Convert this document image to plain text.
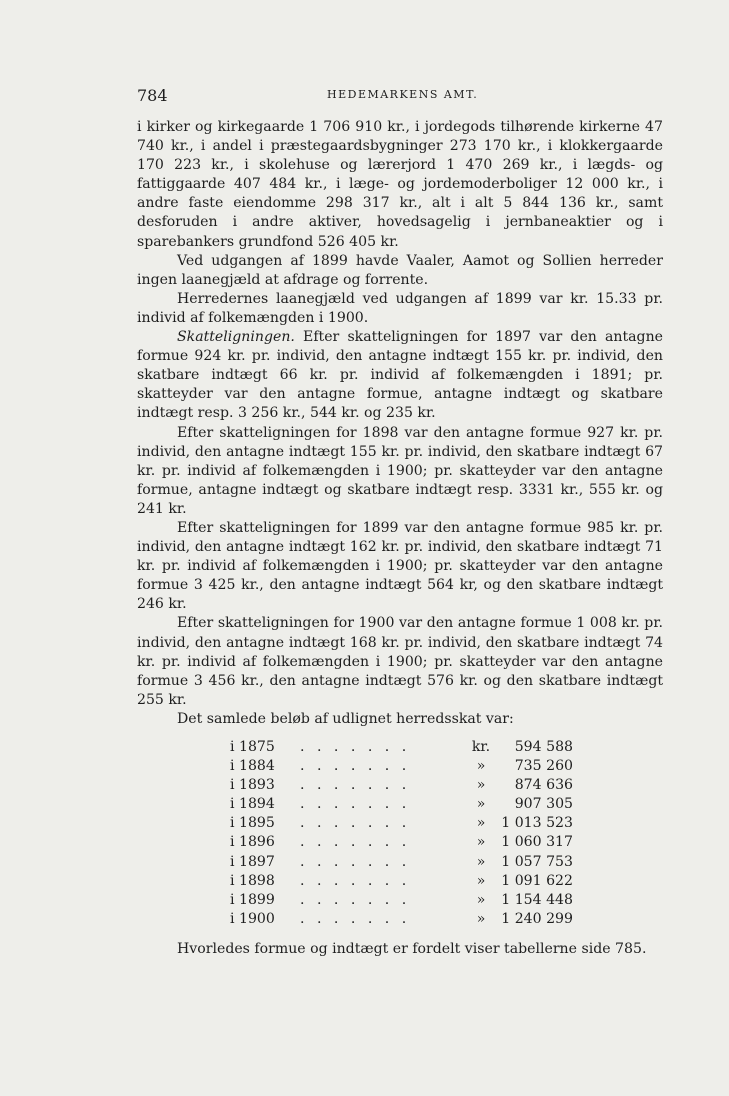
784	HEDEMARKENS AMT.

i kirker og kirkegaarde 1 706 910 kr., i jordegods tilhørende kirkerne 47 740 kr., i andel i præstegaardsbygninger 273 170 kr., i klokkergaarde 170 223 kr., i skolehuse og lærerjord 1 470 269 kr., i lægds- og fattiggaarde 407 484 kr., i læge- og jordemoderboliger 12 000 kr., i andre faste eiendomme 298 317 kr., alt i alt 5 844 136 kr., samt desforuden i andre aktiver, hovedsagelig i jernbaneaktier og i sparebankers grundfond 526 405 kr.

Ved udgangen af 1899 havde Vaaler, Aamot og Sollien herreder ingen laanegjæld at afdrage og forrente.

Herredernes laanegjæld ved udgangen af 1899 var kr. 15.33 pr. individ af folkemængden i 1900.

Skatteligningen. Efter skatteligningen for 1897 var den antagne formue 924 kr. pr. individ, den antagne indtægt 155 kr. pr. individ, den skatbare indtægt 66 kr. pr. individ af folkemængden i 1891; pr. skatteyder var den antagne formue, antagne indtægt og skatbare indtægt resp. 3 256 kr., 544 kr. og 235 kr.

Efter skatteligningen for 1898 var den antagne formue 927 kr. pr. individ, den antagne indtægt 155 kr. pr. individ, den skatbare indtægt 67 kr. pr. individ af folkemængden i 1900; pr. skatteyder var den antagne formue, antagne indtægt og skatbare indtægt resp. 3331 kr., 555 kr. og 241 kr.

Efter skatteligningen for 1899 var den antagne formue 985 kr. pr. individ, den antagne indtægt 162 kr. pr. individ, den skatbare indtægt 71 kr. pr. individ af folkemængden i 1900; pr. skatteyder var den antagne formue 3 425 kr., den antagne indtægt 564 kr, og den skatbare indtægt 246 kr.

Efter skatteligningen for 1900 var den antagne formue 1 008 kr. pr. individ, den antagne indtægt 168 kr. pr. individ, den skatbare indtægt 74 kr. pr. individ af folkemængden i 1900; pr. skatteyder var den antagne formue 3 456 kr., den antagne indtægt 576 kr. og den skatbare indtægt 255 kr.

Det samlede beløb af udlignet herredsskat var:

i 1875 . . . . . . .	kr.	594 588
i 1884 . . . . . . .	»	735 260
i 1893 . . . . . . .	»	874 636
i 1894 . . . . . . .	»	907 305
i 1895 . . . . . . .	»	1 013 523
i 1896 . . . . . . .	»	1 060 317
i 1897 . . . . . . .	»	1 057 753
i 1898 . . . . . . .	»	1 091 622
i 1899 . . . . . . .	»	1 154 448
i 1900 . . . . . . .	»	1 240 299

Hvorledes formue og indtægt er fordelt viser tabellerne side 785.
